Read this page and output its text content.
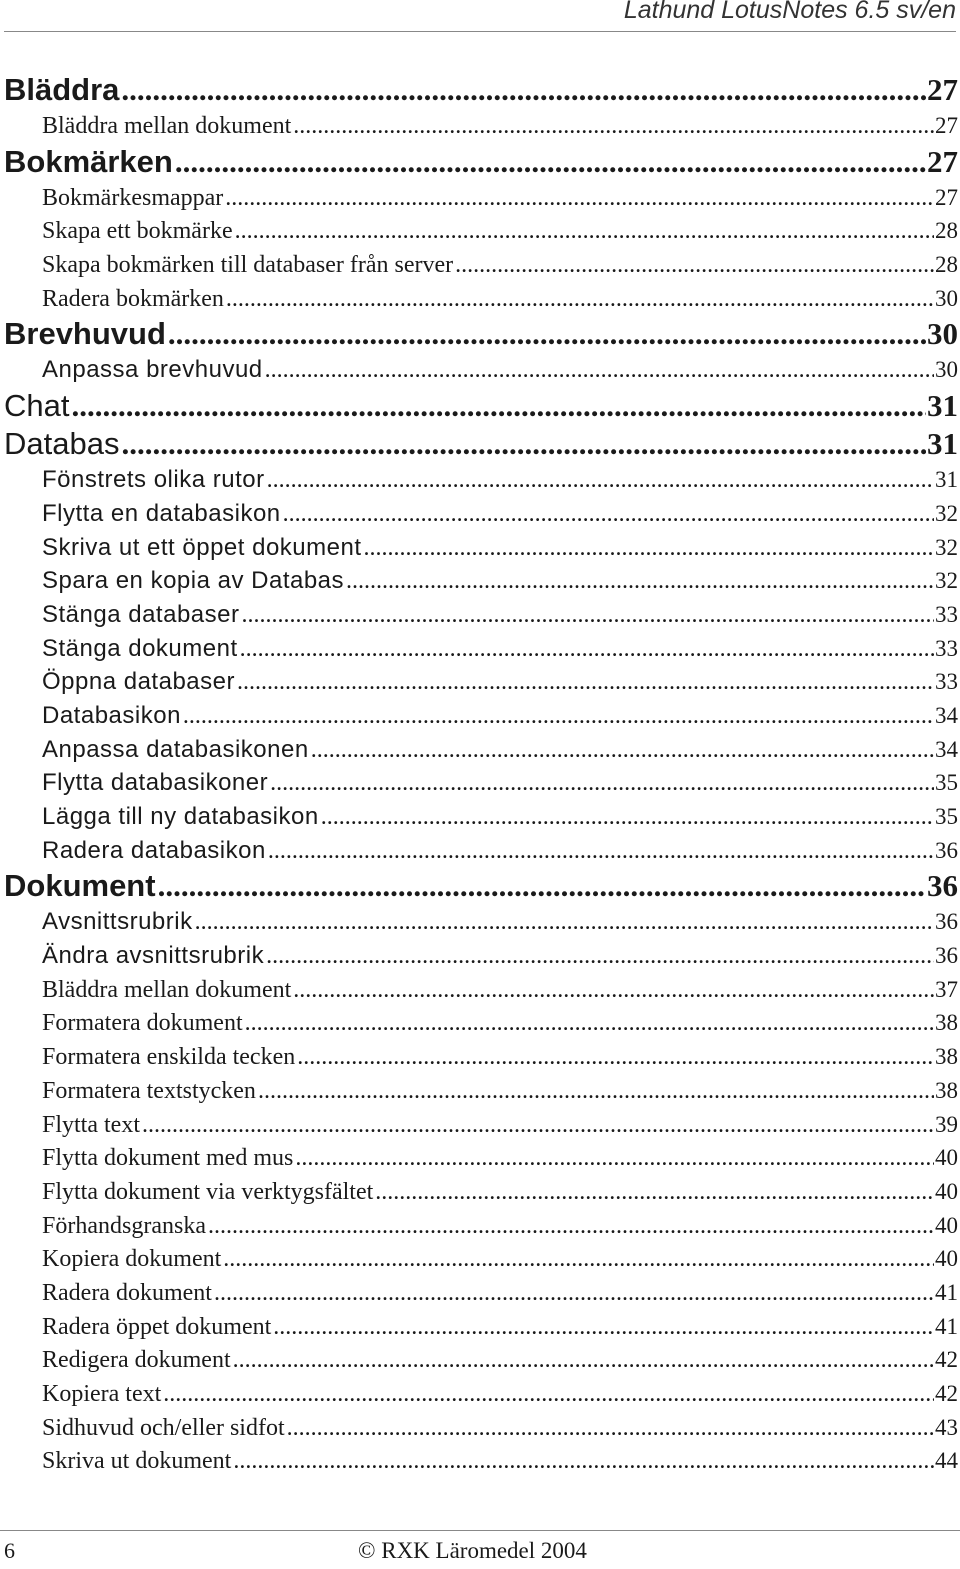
Lathund LotusNotes 6.5 sv/en
Bläddra .....	27
Bläddra mellan dokument .....	27
Bokmärken .....	27
Bokmärkesmappar .....	27
Skapa ett bokmärke .....	28
Skapa bokmärken till databaser från server .....	28
Radera bokmärken .....	30
Brevhuvud .....	30
Anpassa brevhuvud .....	30
Chat .....	31
Databas .....	31
Fönstrets olika rutor .....	31
Flytta en databasikon .....	32
Skriva ut ett öppet dokument .....	32
Spara en kopia av Databas .....	32
Stänga databaser .....	33
Stänga dokument .....	33
Öppna databaser .....	33
Databasikon .....	34
Anpassa databasikonen .....	34
Flytta databasikoner .....	35
Lägga till ny databasikon .....	35
Radera databasikon .....	36
Dokument .....	36
Avsnittsrubrik .....	36
Ändra avsnittsrubrik .....	36
Bläddra mellan dokument .....	37
Formatera dokument .....	38
Formatera enskilda tecken .....	38
Formatera textstycken .....	38
Flytta text .....	39
Flytta dokument med mus .....	40
Flytta dokument via verktygsfältet .....	40
Förhandsgranska .....	40
Kopiera dokument .....	40
Radera dokument .....	41
Radera öppet dokument .....	41
Redigera dokument .....	42
Kopiera text .....	42
Sidhuvud och/eller sidfot .....	43
Skriva ut dokument .....	44
6	© RXK Läromedel 2004
